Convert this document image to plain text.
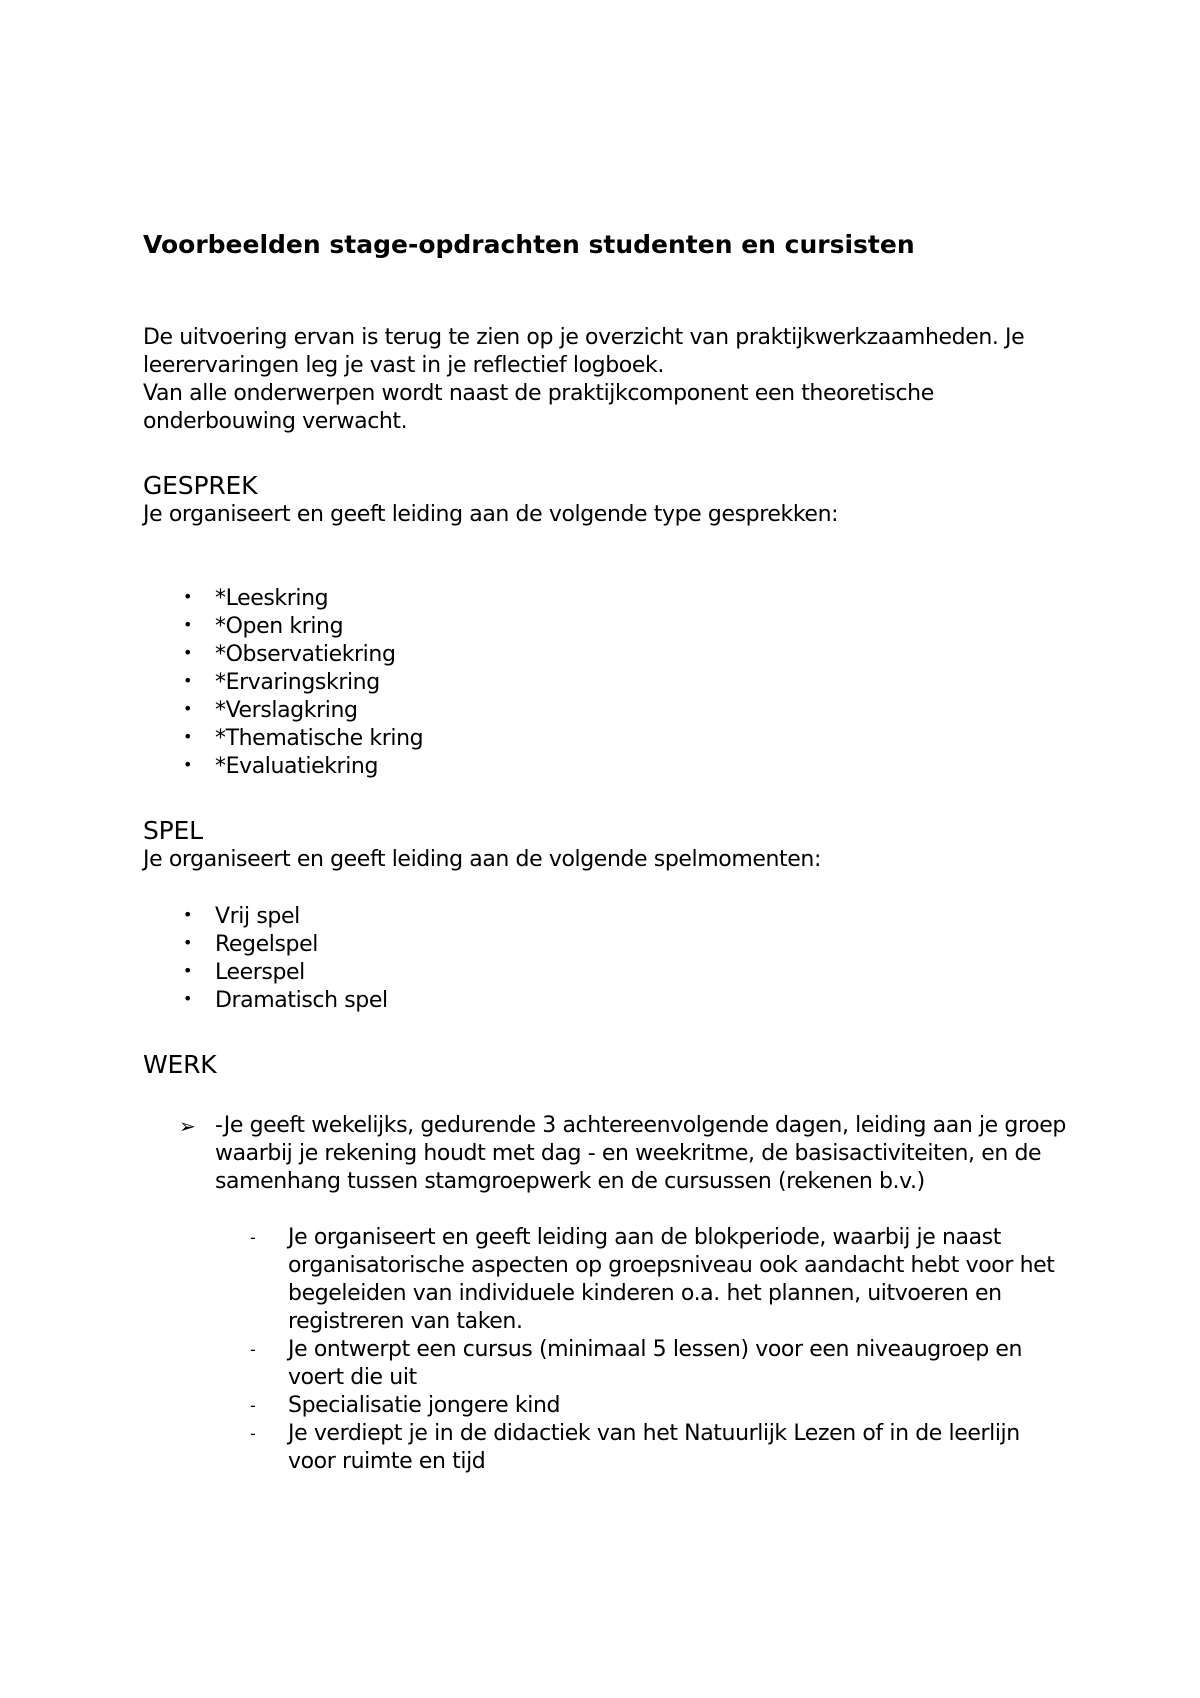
Voorbeelden stage-opdrachten studenten en cursisten

De uitvoering ervan is terug te zien op je overzicht van praktijkwerkzaamheden. Je leerervaringen leg je vast in je reflectief logboek.

Van alle onderwerpen wordt naast de praktijkcomponent een theoretische onderbouwing verwacht.

GESPREK

Je organiseert en geeft leiding aan de volgende type gesprekken:

• *Leeskring
• *Open kring
• *Observatiekring
• *Ervaringskring
• *Verslagkring
• *Thematische kring
• *Evaluatiekring
SPEL

Je organiseert en geeft leiding aan de volgende spelmomenten:

• Vrij spel
• Regelspel
• Leerspel
• Dramatisch spel
WERK
➢ -Je geeft wekelijks, gedurende 3 achtereenvolgende dagen, leiding aan je groep waarbij je rekening houdt met dag - en weekritme, de basisactiviteiten, en de samenhang tussen stamgroepwerk en de cursussen (rekenen b.v.)
- Je organiseert en geeft leiding aan de blokperiode, waarbij je naast organisatorische aspecten op groepsniveau ook aandacht hebt voor het begeleiden van individuele kinderen o.a. het plannen, uitvoeren en registreren van taken.
- Je ontwerpt een cursus (minimaal 5 lessen) voor een niveaugroep en voert die uit
- Specialisatie jongere kind
- Je verdiept je in de didactiek van het Natuurlijk Lezen of in de leerlijn voor ruimte en tijd
